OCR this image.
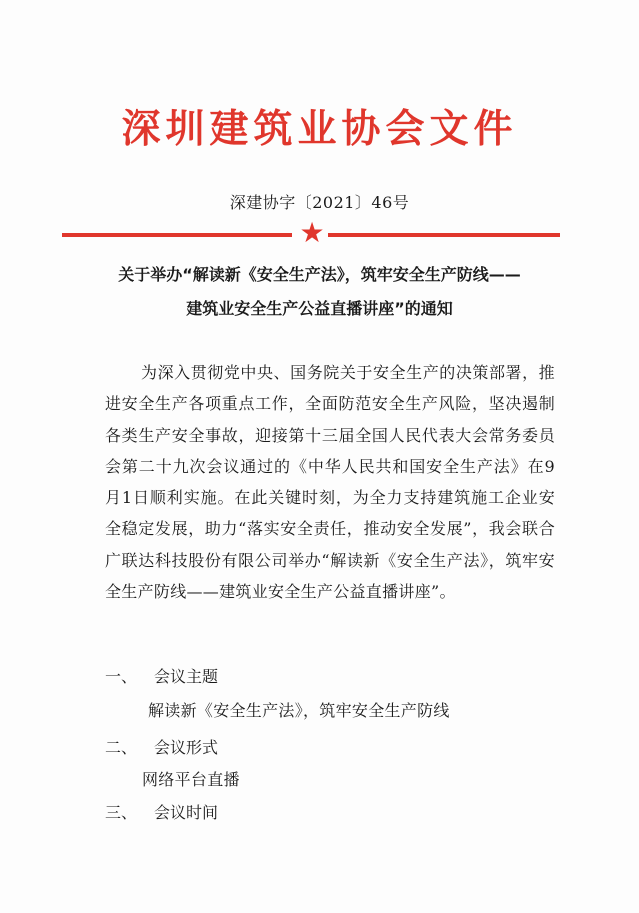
深圳建筑业协会文件
深建协字〔2021〕46号
★
关于举办“解读新《安全生产法》，筑牢安全生产防线——
建筑业安全生产公益直播讲座”的通知
为深入贯彻党中央、国务院关于安全生产的决策部署，推进安全生产各项重点工作，全面防范安全生产风险，坚决遏制各类生产安全事故，迎接第十三届全国人民代表大会常务委员会第二十九次会议通过的《中华人民共和国安全生产法》在9月1日顺利实施。在此关键时刻，为全力支持建筑施工企业安全稳定发展，助力“落实安全责任，推动安全发展”，我会联合广联达科技股份有限公司举办“解读新《安全生产法》，筑牢安全生产防线——建筑业安全生产公益直播讲座”。
一、 会议主题
解读新《安全生产法》，筑牢安全生产防线
二、 会议形式
网络平台直播
三、 会议时间
